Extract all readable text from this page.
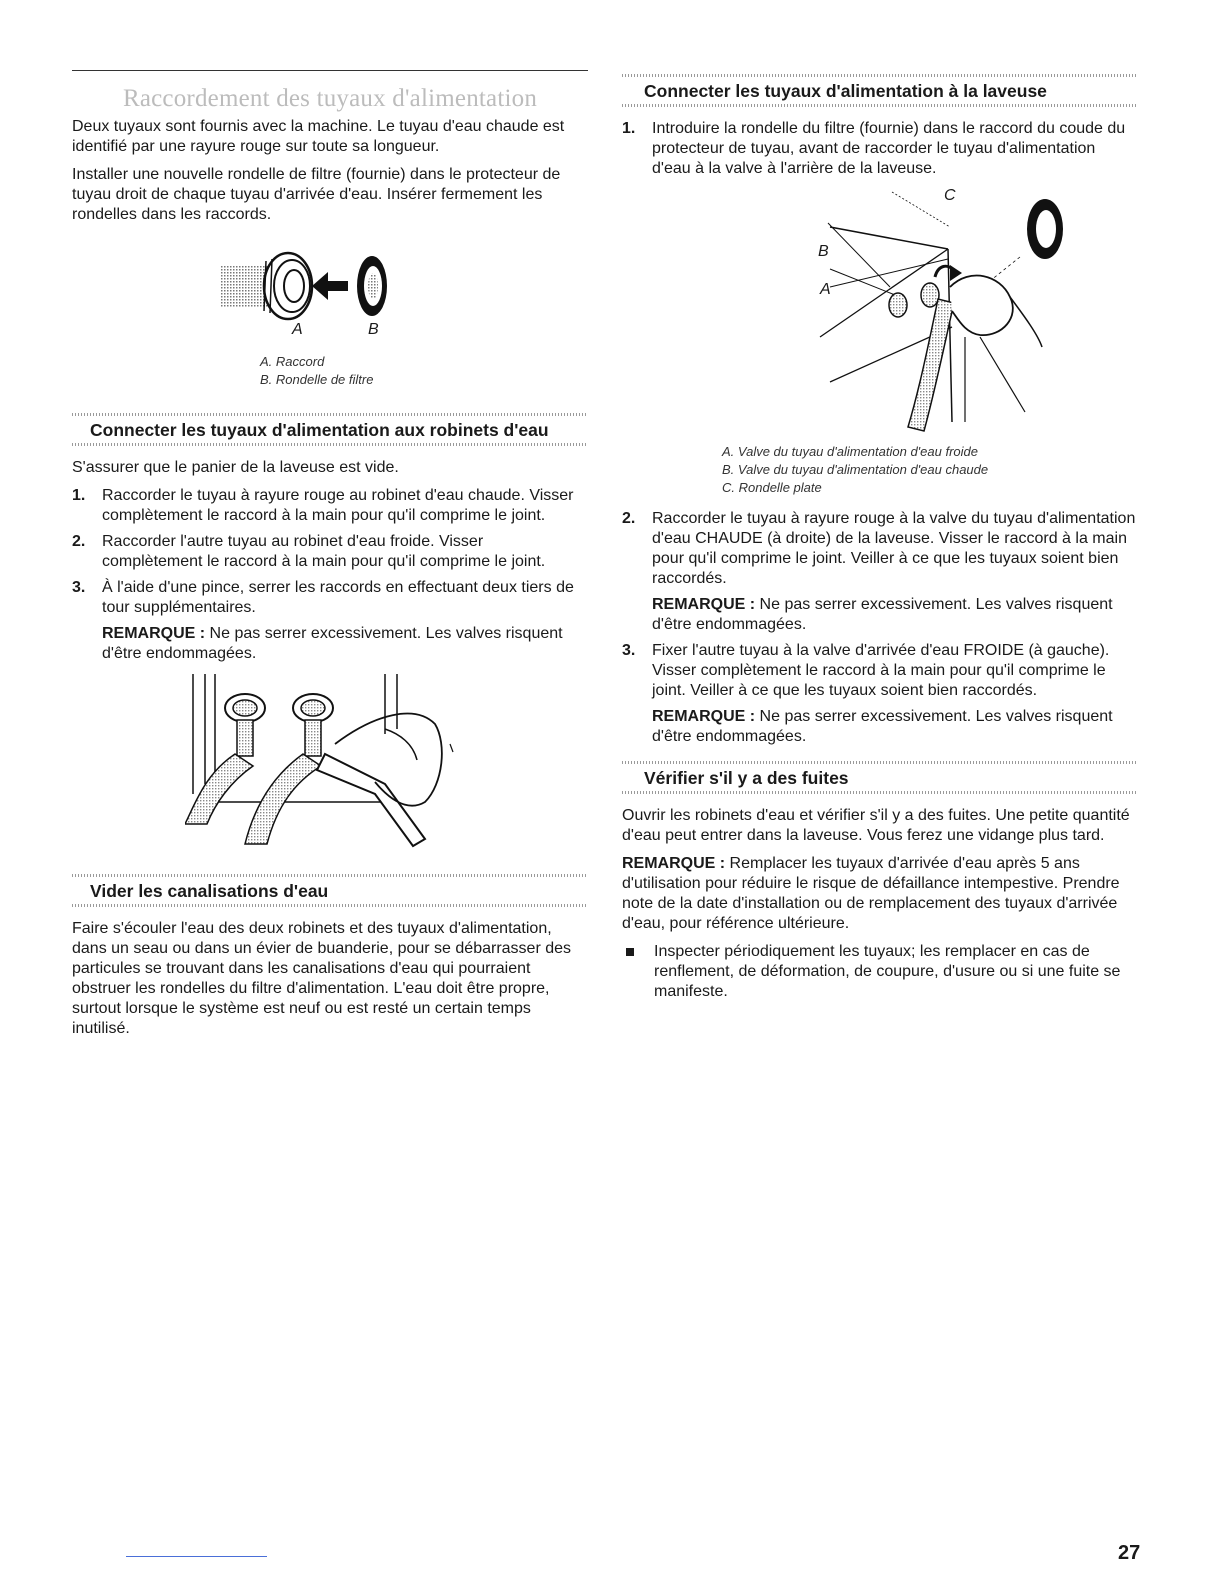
Raccordement des tuyaux d'alimentation

Deux tuyaux sont fournis avec la machine. Le tuyau d'eau chaude est identifié par une rayure rouge sur toute sa longueur.

Installer une nouvelle rondelle de filtre (fournie) dans le protecteur de tuyau droit de chaque tuyau d'arrivée d'eau. Insérer fermement les rondelles dans les raccords.

A	B
A. Raccord
B. Rondelle de filtre
Connecter les tuyaux d'alimentation aux robinets d'eau

S'assurer que le panier de la laveuse est vide.

1. Raccorder le tuyau à rayure rouge au robinet d'eau chaude. Visser complètement le raccord à la main pour qu'il comprime le joint.
2. Raccorder l'autre tuyau au robinet d'eau froide. Visser complètement le raccord à la main pour qu'il comprime le joint.
3. À l'aide d'une pince, serrer les raccords en effectuant deux tiers de tour supplémentaires.
REMARQUE : Ne pas serrer excessivement. Les valves risquent d'être endommagées.
Vider les canalisations d'eau

Faire s'écouler l'eau des deux robinets et des tuyaux d'alimentation, dans un seau ou dans un évier de buanderie, pour se débarrasser des particules se trouvant dans les canalisations d'eau qui pourraient obstruer les rondelles du filtre d'alimentation. L'eau doit être propre, surtout lorsque le système est neuf ou est resté un certain temps inutilisé.

Connecter les tuyaux d'alimentation à la laveuse
1. Introduire la rondelle du filtre (fournie) dans le raccord du coude du protecteur de tuyau, avant de raccorder le tuyau d'alimentation d'eau à la valve à l'arrière de la laveuse.
C
B
A
A. Valve du tuyau d'alimentation d'eau froide
B. Valve du tuyau d'alimentation d'eau chaude
C. Rondelle plate
2. Raccorder le tuyau à rayure rouge à la valve du tuyau d'alimentation d'eau CHAUDE (à droite) de la laveuse. Visser le raccord à la main pour qu'il comprime le joint. Veiller à ce que les tuyaux soient bien raccordés.
REMARQUE : Ne pas serrer excessivement. Les valves risquent d'être endommagées.
3. Fixer l'autre tuyau à la valve d'arrivée d'eau FROIDE (à gauche). Visser complètement le raccord à la main pour qu'il comprime le joint. Veiller à ce que les tuyaux soient bien raccordés.
REMARQUE : Ne pas serrer excessivement. Les valves risquent d'être endommagées.
Vérifier s'il y a des fuites

Ouvrir les robinets d'eau et vérifier s'il y a des fuites. Une petite quantité d'eau peut entrer dans la laveuse. Vous ferez une vidange plus tard.

REMARQUE : Remplacer les tuyaux d'arrivée d'eau après 5 ans d'utilisation pour réduire le risque de défaillance intempestive. Prendre note de la date d'installation ou de remplacement des tuyaux d'arrivée d'eau, pour référence ultérieure.

Inspecter périodiquement les tuyaux; les remplacer en cas de renflement, de déformation, de coupure, d'usure ou si une fuite se manifeste.
27
